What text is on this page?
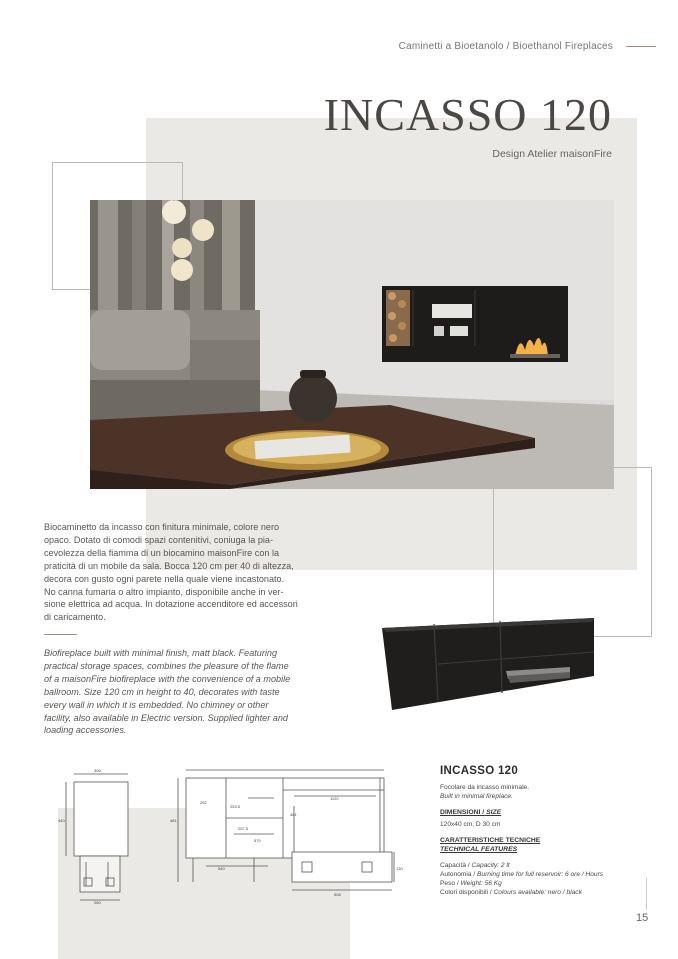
Caminetti a Bioetanolo / Bioethanol Fireplaces
INCASSO 120
Design Atelier maisonFire
Biocaminetto da incasso con finitura minimale, colore nero
opaco. Dotato di comodi spazi contenitivi, coniuga la pia-
cevolezza della fiamma di un biocamino maisonFire con la
praticità di un mobile da sala. Bocca 120 cm per 40 di altezza,
decora con gusto ogni parete nella quale viene incastonato.
No canna fumaria o altro impianto, disponibile anche in ver-
sione elettrica ad acqua. In dotazione accenditore ed accessori
di caricamento.
Biofireplace built with minimal finish, matt black. Featuring
practical storage spaces, combines the pleasure of the flame
of a maisonFire biofireplace with the convenience of a mobile
ballroom. Size 120 cm in height to 40, decorates with taste
every wall in which it is embedded. No chimney or other
facility, also available in Electric version. Supplied lighter and
loading accessories.
306
440
260
292
253.5
1120
481
257.5
570
540	130
481
508
INCASSO 120
Focolare da incasso minimale.
Built in minimal fireplace.
DIMENSIONI / SIZE
120x40 cm, D 30 cm
CARATTERISTICHE TECNICHE
TECHNICAL FEATURES
Capacità / Capacity: 2 lt
Autonomia / Burning time for full reservoir: 6 ore / Hours
Peso / Weight: 56 Kg
Colori disponibili / Colours available: nero / black
15
